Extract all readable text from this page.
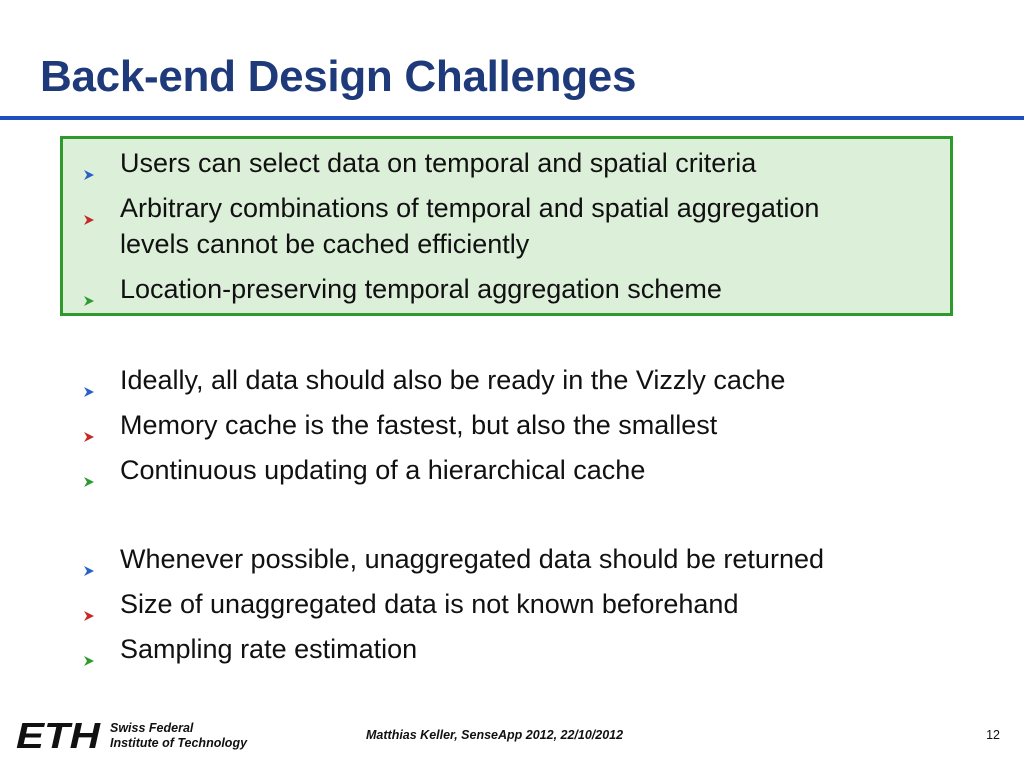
Back-end Design Challenges
Users can select data on temporal and spatial criteria
Arbitrary combinations of temporal and spatial aggregation
levels cannot be cached efficiently
Location-preserving temporal aggregation scheme
Ideally, all data should also be ready in the Vizzly cache
Memory cache is the fastest, but also the smallest
Continuous updating of a hierarchical cache
Whenever possible, unaggregated data should be returned
Size of unaggregated data is not known beforehand
Sampling rate estimation
ETH Swiss Federal
Institute of Technology
Matthias Keller, SenseApp 2012, 22/10/2012	12
